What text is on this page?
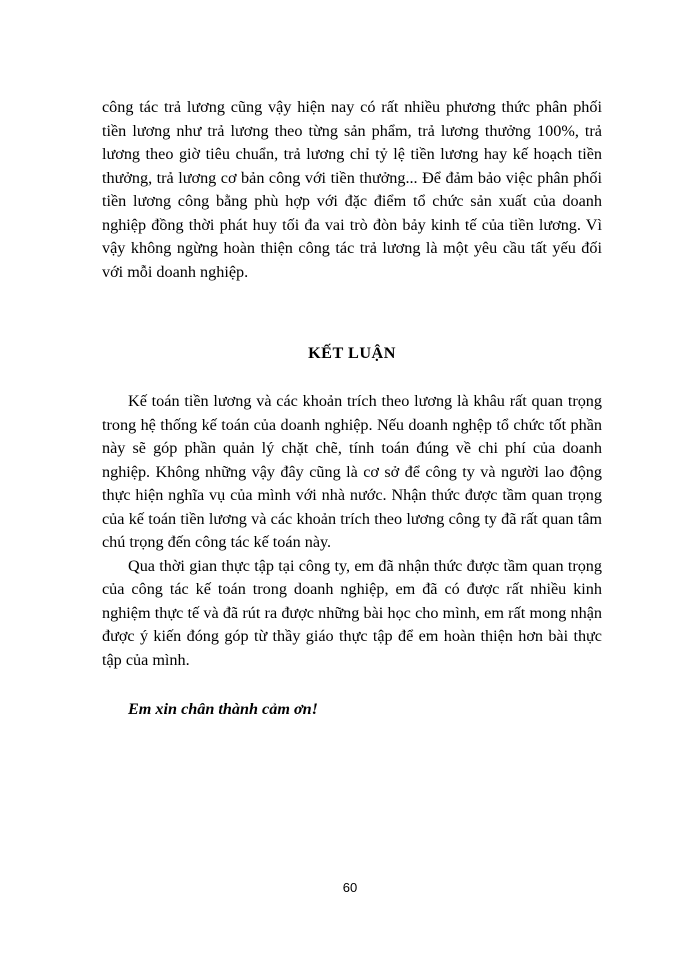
công tác trả lương cũng vậy hiện nay có rất nhiều phương thức phân phối tiền lương như trả lương theo từng sản phẩm, trả lương thưởng 100%, trả lương theo giờ tiêu chuẩn, trả lương chỉ tỷ lệ tiền lương hay kế hoạch tiền thưởng, trả lương cơ bản công với tiền thưởng... Để đảm bảo việc phân phối tiền lương công bằng phù hợp với đặc điểm tổ chức sản xuất của doanh nghiệp đồng thời phát huy tối đa vai trò đòn bảy kinh tế của tiền lương. Vì vậy không ngừng hoàn thiện công tác trả lương là một yêu cầu tất yếu đối với mỗi doanh nghiệp.

KẾT LUẬN

Kế toán tiền lương và các khoản trích theo lương là khâu rất quan trọng trong hệ thống kế toán của doanh nghiệp. Nếu doanh nghệp tổ chức tốt phần này sẽ góp phần quản lý chặt chẽ, tính toán đúng về chi phí của doanh nghiệp. Không những vậy đây cũng là cơ sở để công ty và người lao động thực hiện nghĩa vụ của mình với nhà nước. Nhận thức được tầm quan trọng của kế toán tiền lương và các khoản trích theo lương công ty đã rất quan tâm chú trọng đến công tác kế toán này.

Qua thời gian thực tập tại công ty, em đã nhận thức được tầm quan trọng của công tác kế toán trong doanh nghiệp, em đã có được rất nhiều kinh nghiệm thực tế và đã rút ra được những bài học cho mình, em rất mong nhận được ý kiến đóng góp từ thầy giáo thực tập để em hoàn thiện hơn bài thực tập của mình.

Em xin chân thành cảm ơn!
60
